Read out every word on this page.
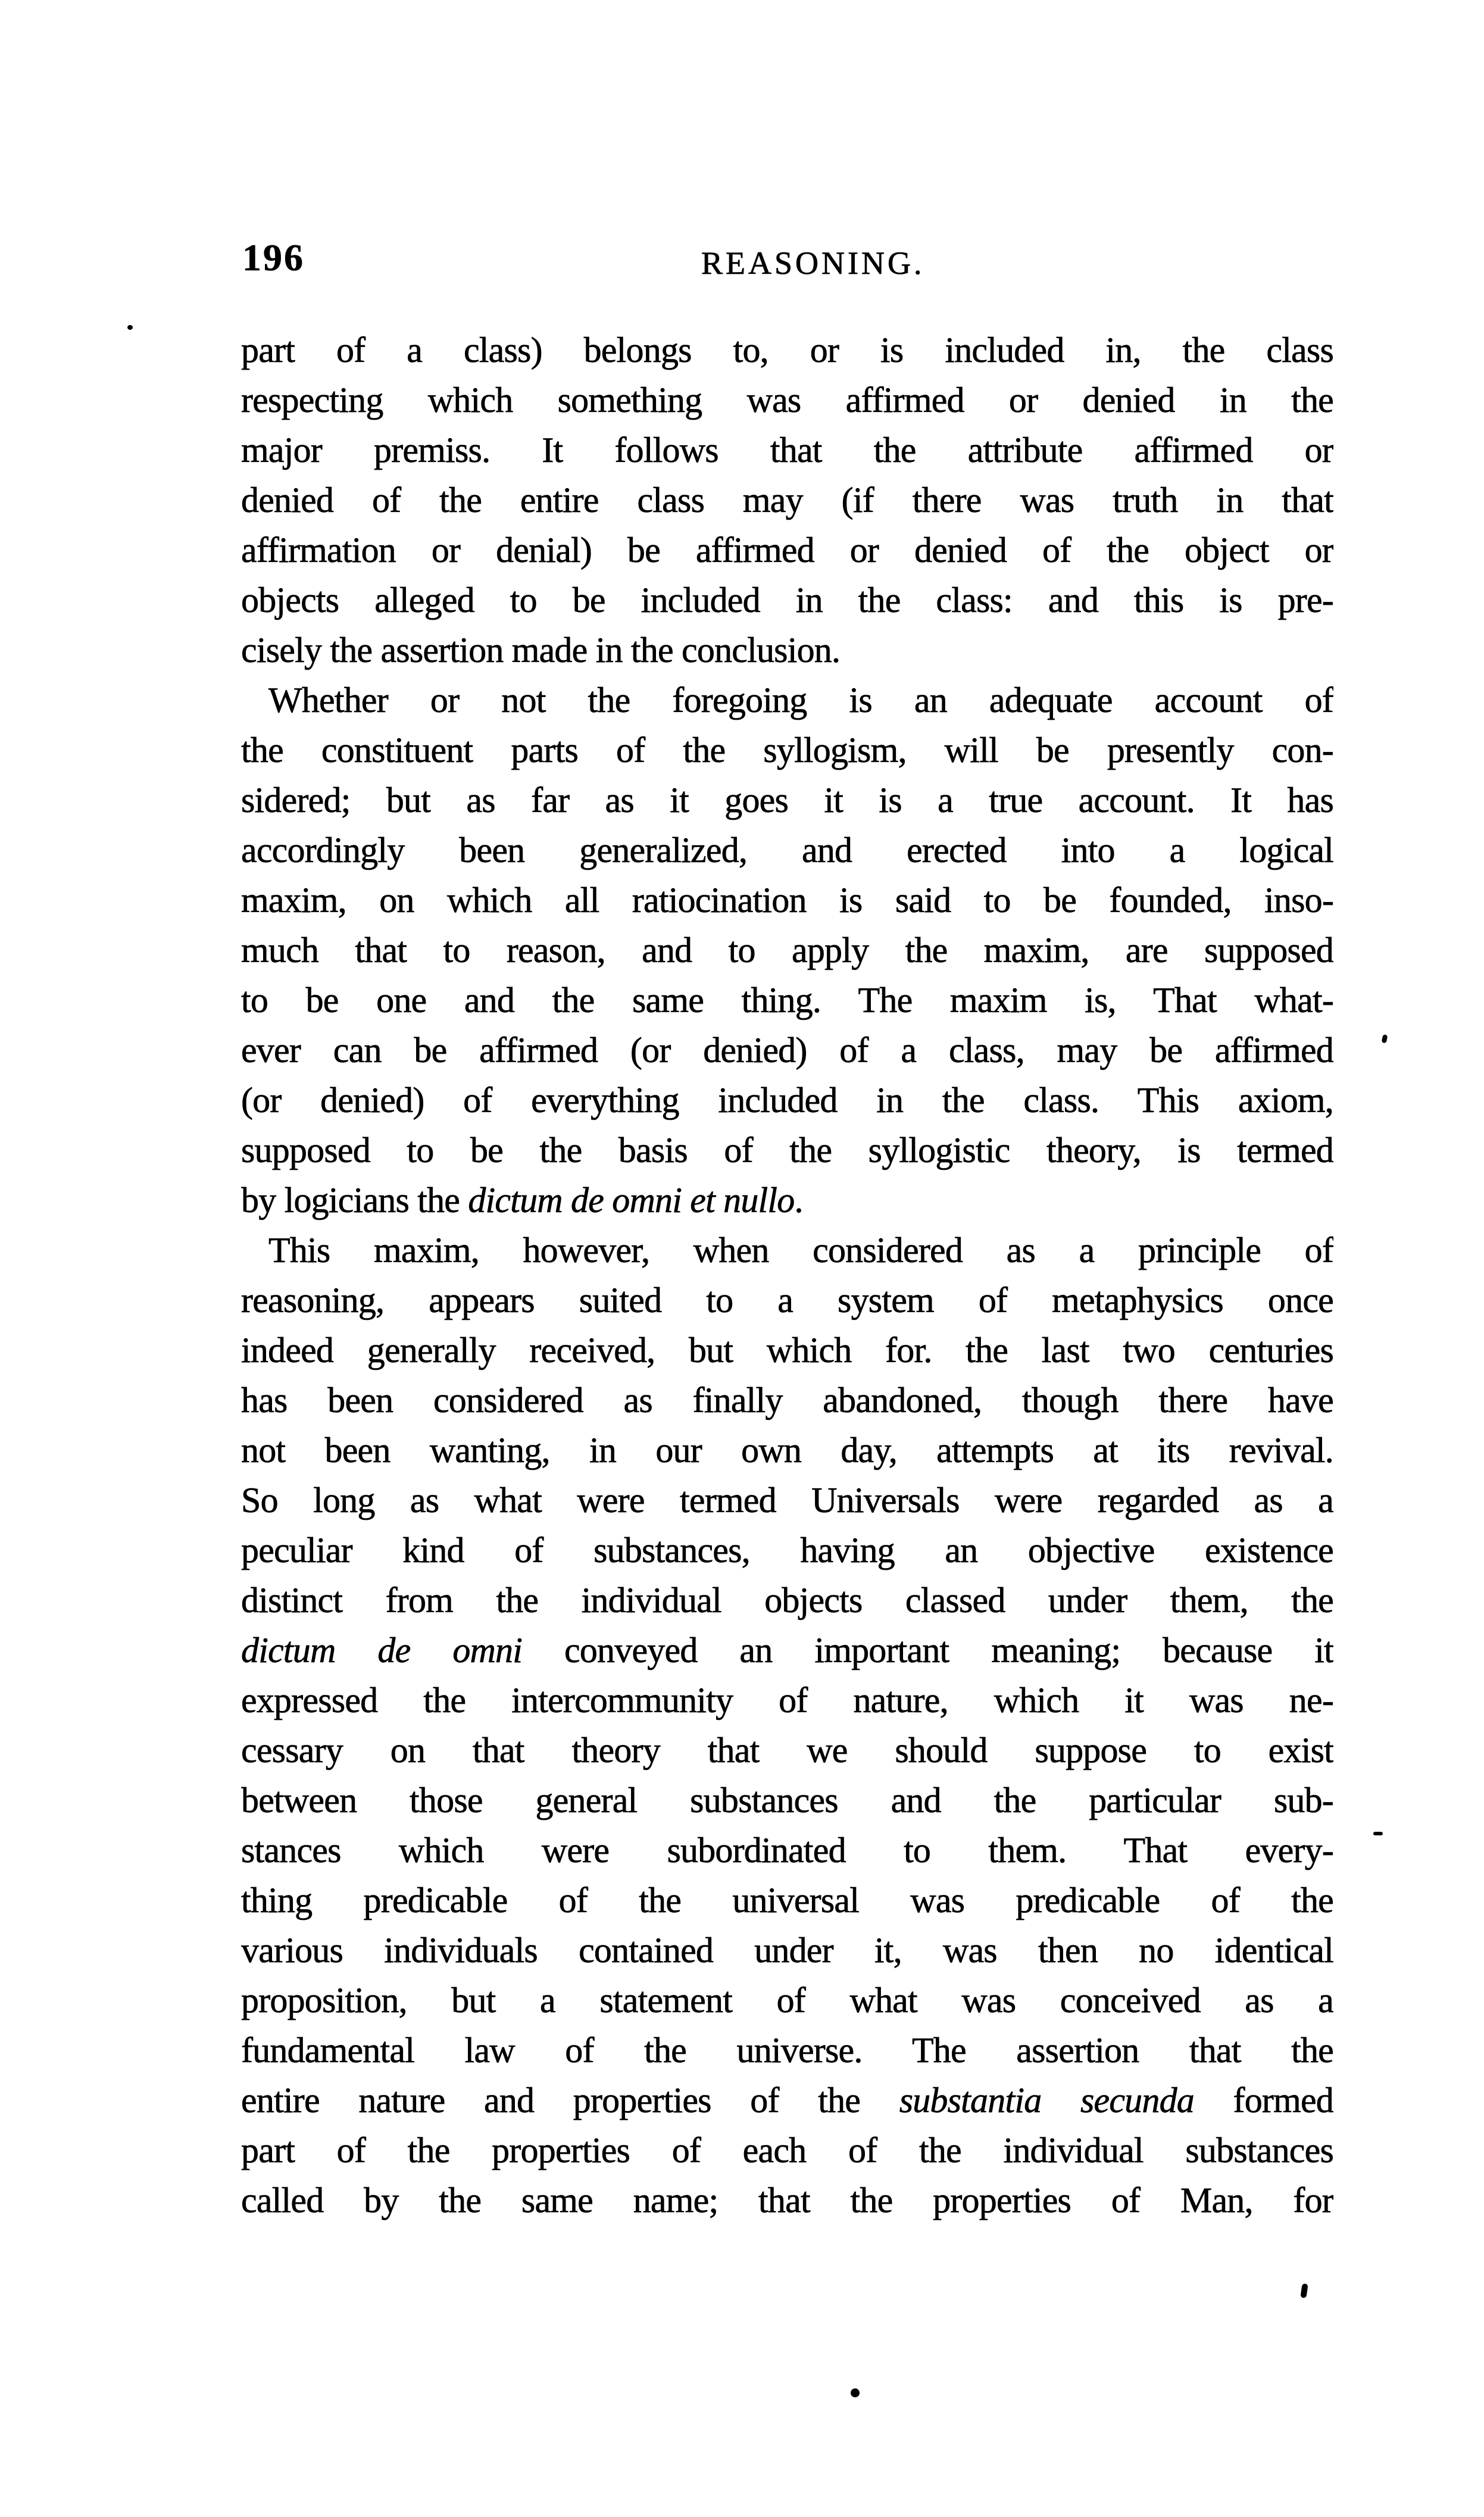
196	REASONING.
part of a class) belongs to, or is included in, the class
respecting which something was affirmed or denied in the
major premiss. It follows that the attribute affirmed or
denied of the entire class may (if there was truth in that
affirmation or denial) be affirmed or denied of the object or
objects alleged to be included in the class: and this is pre-
cisely the assertion made in the conclusion.
Whether or not the foregoing is an adequate account of
the constituent parts of the syllogism, will be presently con-
sidered; but as far as it goes it is a true account. It has
accordingly been generalized, and erected into a logical
maxim, on which all ratiocination is said to be founded, inso-
much that to reason, and to apply the maxim, are supposed
to be one and the same thing. The maxim is, That what-
ever can be affirmed (or denied) of a class, may be affirmed
(or denied) of everything included in the class. This axiom,
supposed to be the basis of the syllogistic theory, is termed
by logicians the dictum de omni et nullo.
This maxim, however, when considered as a principle of
reasoning, appears suited to a system of metaphysics once
indeed generally received, but which for. the last two centuries
has been considered as finally abandoned, though there have
not been wanting, in our own day, attempts at its revival.
So long as what were termed Universals were regarded as a
peculiar kind of substances, having an objective existence
distinct from the individual objects classed under them, the
dictum de omni conveyed an important meaning; because it
expressed the intercommunity of nature, which it was ne-
cessary on that theory that we should suppose to exist
between those general substances and the particular sub-
stances which were subordinated to them. That every-
thing predicable of the universal was predicable of the
various individuals contained under it, was then no identical
proposition, but a statement of what was conceived as a
fundamental law of the universe. The assertion that the
entire nature and properties of the substantia secunda formed
part of the properties of each of the individual substances
called by the same name; that the properties of Man, for
